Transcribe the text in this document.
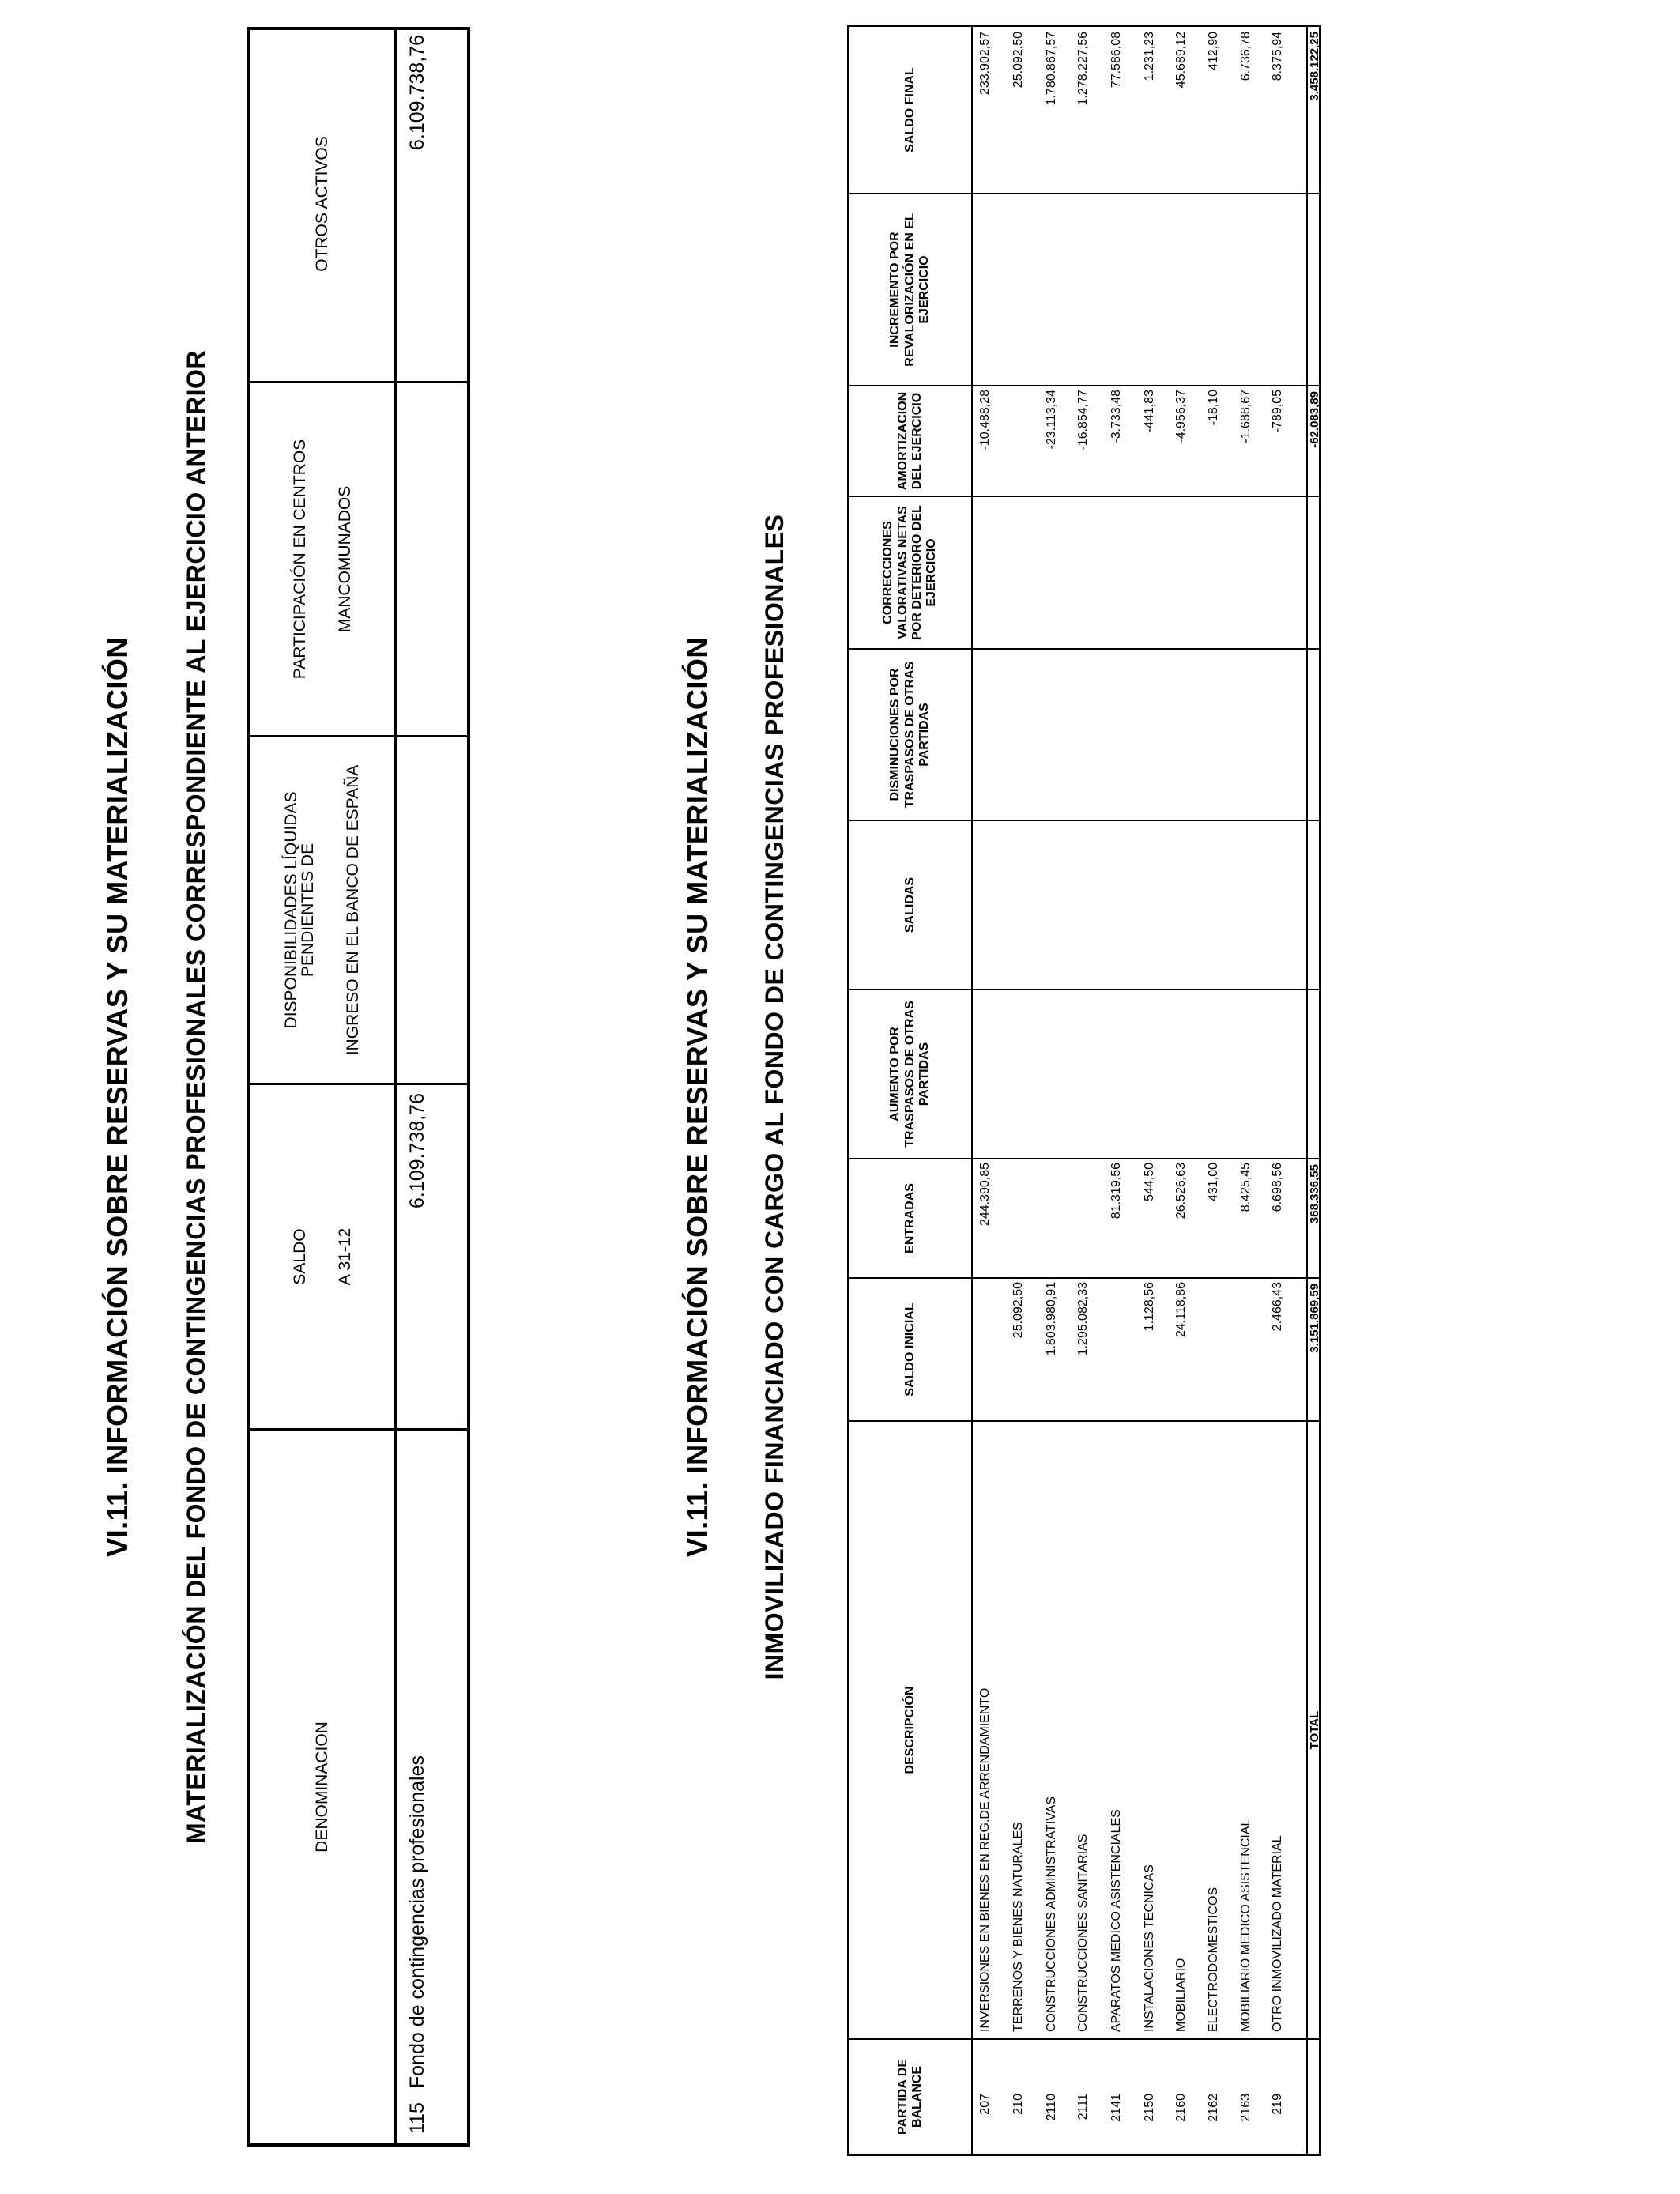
VI.11. INFORMACIÓN SOBRE RESERVAS Y SU MATERIALIZACIÓN MATERIALIZACIÓN DEL FONDO DE CONTINGENCIAS PROFESIONALES CORRESPONDIENTE AL EJERCICIO ANTERIOR	DENOMINACION
SALDO A 31-12
DISPONIBILIDADES LÍQUIDAS PENDIENTES DE INGRESO EN EL BANCO DE ESPAÑA
PARTICIPACIÓN EN CENTROS MANCOMUNADOS
OTROS ACTIVOS
115
Fondo de contingencias profesionales
6.109.738,76
6.109.738,76
VI.11. INFORMACIÓN SOBRE RESERVAS Y SU MATERIALIZACIÓN INMOVILIZADO FINANCIADO CON CARGO AL FONDO DE CONTINGENCIAS PROFESIONALES
PARTIDA DE BALANCE
DESCRIPCIÓN
SALDO INICIAL
ENTRADAS
AUMENTO POR TRASPASOS DE OTRAS PARTIDAS
SALIDAS
DISMINUCIONES POR TRASPASOS DE OTRAS PARTIDAS
CORRECCIONES VALORATIVAS NETAS POR DETERIORO DEL EJERCICIO
AMORTIZACION DEL EJERCICIO
INCREMENTO POR REVALORIZACIÓN EN EL EJERCICIO
SALDO FINAL
207
INVERSIONES EN BIENES EN REG.DE ARRENDAMIENTO
244.390,85
-10.488,28
233.902,57
210
TERRENOS Y BIENES NATURALES
25.092,50
25.092,50
2110
CONSTRUCCIONES ADMINISTRATIVAS
1.803.980,91
-23.113,34
1.780.867,57
2111
CONSTRUCCIONES SANITARIAS
1.295.082,33
-16.854,77
1.278.227,56
2141
APARATOS MEDICO ASISTENCIALES
81.319,56
-3.733,48
77.586,08
2150
INSTALACIONES TECNICAS
1.128,56
544,50
-441,83
1.231,23
2160
MOBILIARIO
24.118,86
26.526,63
-4.956,37
45.689,12
2162
ELECTRODOMESTICOS
431,00
-18,10
412,90
2163
MOBILIARIO MEDICO ASISTENCIAL
8.425,45
-1.688,67
6.736,78
219
OTRO INMOVILIZADO MATERIAL
2.466,43
6.698,56
-789,05
8.375,94
TOTAL
3.151.869,59
368.336,55
-62.083,89
3.458.122,25
